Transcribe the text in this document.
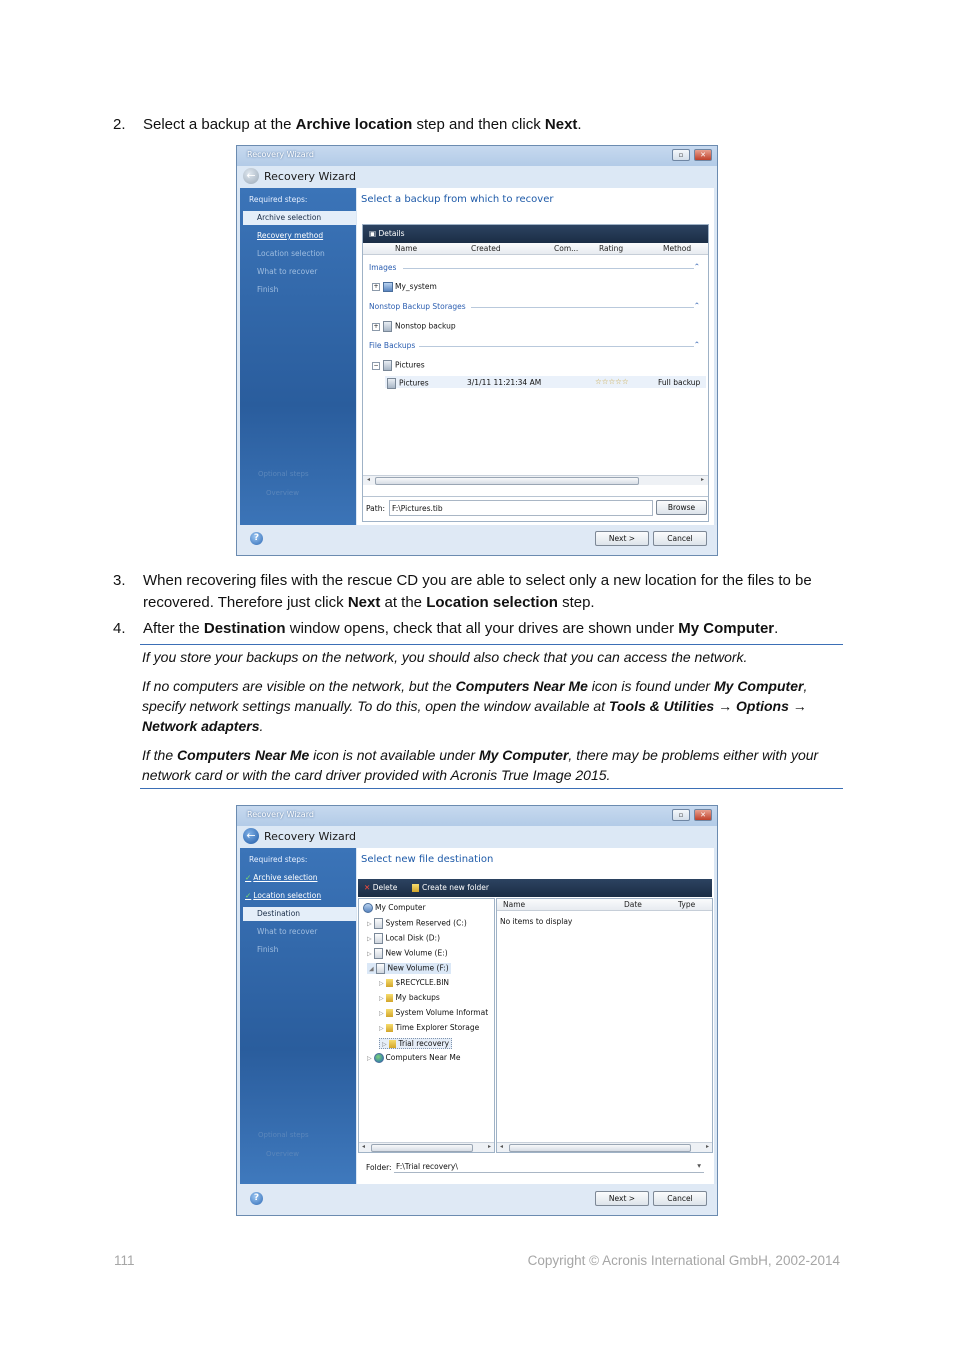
2. Select a backup at the Archive location step and then click Next.
Recovery Wizard	▫	✕
← Recovery Wizard
Required steps:
Archive selection
Recovery method
Location selection
What to recover
Finish
Optional steps
Overview
Select a backup from which to recover
▣ Details
Name	Created	Com...	Rating	Method
Images	⌃
+ My_system
Nonstop Backup Storages	⌃
+ Nonstop backup
File Backups	⌃
− Pictures
Pictures	3/1/11 11:21:34 AM	☆☆☆☆☆	Full backup
◂	▸
Path: F:\Pictures.tib	Browse
?	Next >	Cancel
3. When recovering files with the rescue CD you are able to select only a new location for the files to be recovered. Therefore just click Next at the Location selection step.
4. After the Destination window opens, check that all your drives are shown under My Computer.
If you store your backups on the network, you should also check that you can access the network.
If no computers are visible on the network, but the Computers Near Me icon is found under My Computer, specify network settings manually. To do this, open the window available at Tools & Utilities → Options → Network adapters.
If the Computers Near Me icon is not available under My Computer, there may be problems either with your network card or with the card driver provided with Acronis True Image 2015.
Recovery Wizard	▫	✕
← Recovery Wizard
Required steps:
✓ Archive selection
✓ Location selection
Destination
What to recover
Finish
Optional steps
Overview
Select new file destination
✕ Delete	Create new folder
My Computer
▷ System Reserved (C:)
▷ Local Disk (D:)
▷ New Volume (E:)
◢ New Volume (F:)
▷ $RECYCLE.BIN
▷ My backups
▷ System Volume Informat
▷ Time Explorer Storage
▷ Trial recovery
▷ Computers Near Me
◂	▸
Name	Date	Type
No items to display
◂	▸
Folder: F:\Trial recovery\	▾
?	Next >	Cancel
111	Copyright © Acronis International GmbH, 2002-2014
